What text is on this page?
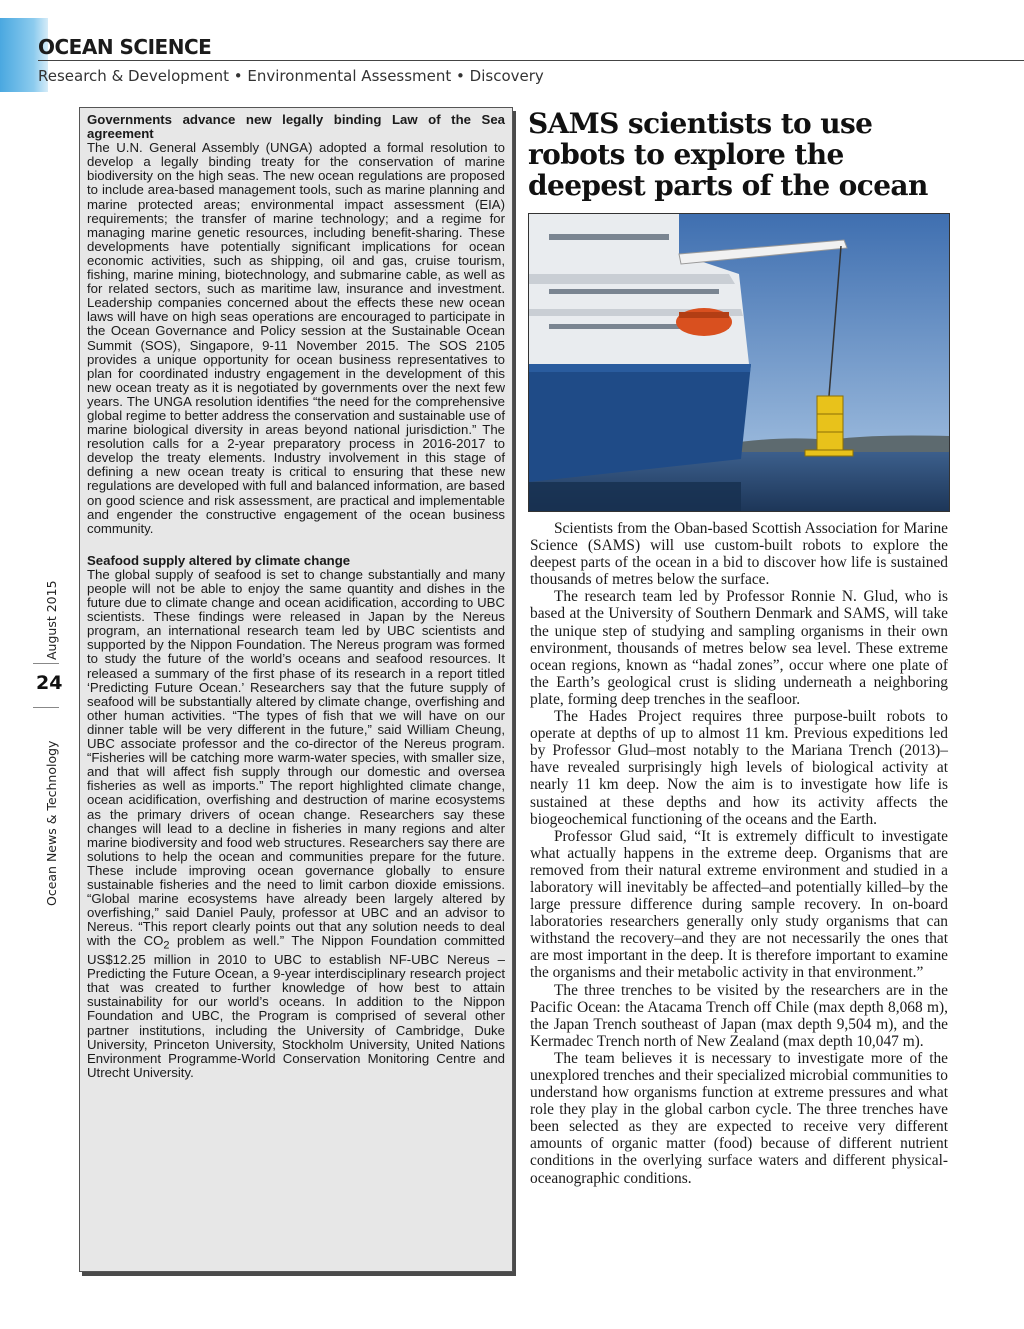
OCEAN SCIENCE
Research & Development • Environmental Assessment • Discovery
August 2015
24
Ocean News & Technology
Governments advance new legally binding Law of the Sea agreement

The U.N. General Assembly (UNGA) adopted a formal resolution to develop a legally binding treaty for the conservation of marine biodiversity on the high seas. The new ocean regulations are proposed to include area-based management tools, such as marine planning and marine protected areas; environmental impact assessment (EIA) requirements; the transfer of marine technology; and a regime for managing marine genetic resources, including benefit-sharing. These developments have potentially significant implications for ocean economic activities, such as shipping, oil and gas, cruise tourism, fishing, marine mining, biotechnology, and submarine cable, as well as for related sectors, such as maritime law, insurance and investment. Leadership companies concerned about the effects these new ocean laws will have on high seas operations are encouraged to participate in the Ocean Governance and Policy session at the Sustainable Ocean Summit (SOS), Singapore, 9-11 November 2015. The SOS 2105 provides a unique opportunity for ocean business representatives to plan for coordinated industry engagement in the development of this new ocean treaty as it is negotiated by governments over the next few years. The UNGA resolution identifies “the need for the comprehensive global regime to better address the conservation and sustainable use of marine biological diversity in areas beyond national jurisdiction.” The resolution calls for a 2-year preparatory process in 2016-2017 to develop the treaty elements. Industry involvement in this stage of defining a new ocean treaty is critical to ensuring that these new regulations are developed with full and balanced information, are based on good science and risk assessment, are practical and implementable and engender the constructive engagement of the ocean business community.

Seafood supply altered by climate change

The global supply of seafood is set to change substantially and many people will not be able to enjoy the same quantity and dishes in the future due to climate change and ocean acidification, according to UBC scientists. These findings were released in Japan by the Nereus program, an international research team led by UBC scientists and supported by the Nippon Foundation. The Nereus program was formed to study the future of the world’s oceans and seafood resources. It released a summary of the first phase of its research in a report titled ‘Predicting Future Ocean.’ Researchers say that the future supply of seafood will be substantially altered by climate change, overfishing and other human activities. “The types of fish that we will have on our dinner table will be very different in the future,” said William Cheung, UBC associate professor and the co-director of the Nereus program. “Fisheries will be catching more warm-water species, with smaller size, and that will affect fish supply through our domestic and oversea fisheries as well as imports.” The report highlighted climate change, ocean acidification, overfishing and destruction of marine ecosystems as the primary drivers of ocean change. Researchers say these changes will lead to a decline in fisheries in many regions and alter marine biodiversity and food web structures. Researchers say there are solutions to help the ocean and communities prepare for the future. These include improving ocean governance globally to ensure sustainable fisheries and the need to limit carbon dioxide emissions. “Global marine ecosystems have already been largely altered by overfishing,” said Daniel Pauly, professor at UBC and an advisor to Nereus. “This report clearly points out that any solution needs to deal with the $CO_2$ problem as well.” The Nippon Foundation committed US$12.25 million in 2010 to UBC to establish NF-UBC Nereus – Predicting the Future Ocean, a 9-year interdisciplinary research project that was created to further knowledge of how best to attain sustainability for our world’s oceans. In addition to the Nippon Foundation and UBC, the Program is comprised of several other partner institutions, including the University of Cambridge, Duke University, Princeton University, Stockholm University, United Nations Environment Programme-World Conservation Monitoring Centre and Utrecht University.

SAMS scientists to use robots to explore the deepest parts of the ocean

Scientists from the Oban-based Scottish Association for Marine Science (SAMS) will use custom-built robots to explore the deepest parts of the ocean in a bid to discover how life is sustained thousands of metres below the surface.

The research team led by Professor Ronnie N. Glud, who is based at the University of Southern Denmark and SAMS, will take the unique step of studying and sampling organisms in their own environment, thousands of metres below sea level. These extreme ocean regions, known as “hadal zones”, occur where one plate of the Earth’s geological crust is sliding underneath a neighboring plate, forming deep trenches in the seafloor.

The Hades Project requires three purpose-built robots to operate at depths of up to almost 11 km. Previous expeditions led by Professor Glud–most notably to the Mariana Trench (2013)–have revealed surprisingly high levels of biological activity at nearly 11 km deep. Now the aim is to investigate how life is sustained at these depths and how its activity affects the biogeochemical functioning of the oceans and the Earth.

Professor Glud said, “It is extremely difficult to investigate what actually happens in the extreme deep. Organisms that are removed from their natural extreme environment and studied in a laboratory will inevitably be affected–and potentially killed–by the large pressure difference during sample recovery. In on-board laboratories researchers generally only study organisms that can withstand the recovery–and they are not necessarily the ones that are most important in the deep. It is therefore important to examine the organisms and their metabolic activity in that environment.”

The three trenches to be visited by the researchers are in the Pacific Ocean: the Atacama Trench off Chile (max depth 8,068 m), the Japan Trench southeast of Japan (max depth 9,504 m), and the Kermadec Trench north of New Zealand (max depth 10,047 m).

The team believes it is necessary to investigate more of the unexplored trenches and their specialized microbial communities to understand how organisms function at extreme pressures and what role they play in the global carbon cycle. The three trenches have been selected as they are expected to receive very different amounts of organic matter (food) because of different nutrient conditions in the overlying surface waters and different physical-oceanographic conditions.
